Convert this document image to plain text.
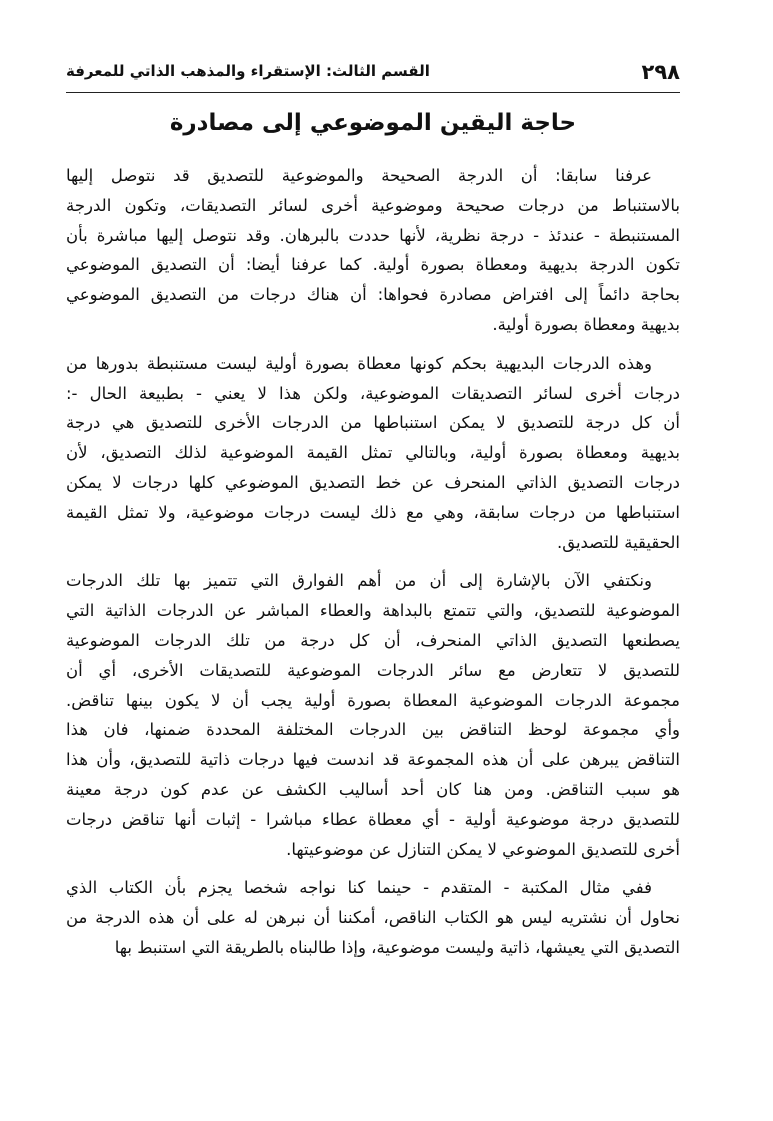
٢٩٨
القسم الثالث: الإستقراء والمذهب الذاتي للمعرفة
حاجة اليقين الموضوعي إلى مصادرة
عرفنا سابقا: أن الدرجة الصحيحة والموضوعية للتصديق قد نتوصل إليها
بالاستنباط من درجات صحيحة وموضوعية أخرى لسائر التصديقات، وتكون الدرجة
المستنبطة - عندئذ - درجة نظرية، لأنها حددت بالبرهان. وقد نتوصل إليها مباشرة بأن
تكون الدرجة بديهية ومعطاة بصورة أولية. كما عرفنا أيضا: أن التصديق الموضوعي
بحاجة دائماً إلى افتراض مصادرة فحواها: أن هناك درجات من التصديق الموضوعي
بديهية ومعطاة بصورة أولية.
وهذه الدرجات البديهية بحكم كونها معطاة بصورة أولية ليست مستنبطة بدورها من
درجات أخرى لسائر التصديقات الموضوعية، ولكن هذا لا يعني - بطبيعة الحال -:
أن كل درجة للتصديق لا يمكن استنباطها من الدرجات الأخرى للتصديق هي درجة
بديهية ومعطاة بصورة أولية، وبالتالي تمثل القيمة الموضوعية لذلك التصديق، لأن
درجات التصديق الذاتي المنحرف عن خط التصديق الموضوعي كلها درجات لا يمكن
استنباطها من درجات سابقة، وهي مع ذلك ليست درجات موضوعية، ولا تمثل القيمة
الحقيقية للتصديق.
ونكتفي الآن بالإشارة إلى أن من أهم الفوارق التي تتميز بها تلك الدرجات
الموضوعية للتصديق، والتي تتمتع بالبداهة والعطاء المباشر عن الدرجات الذاتية التي
يصطنعها التصديق الذاتي المنحرف، أن كل درجة من تلك الدرجات الموضوعية
للتصديق لا تتعارض مع سائر الدرجات الموضوعية للتصديقات الأخرى، أي أن
مجموعة الدرجات الموضوعية المعطاة بصورة أولية يجب أن لا يكون بينها تناقض.
وأي مجموعة لوحظ التناقض بين الدرجات المختلفة المحددة ضمنها، فان هذا
التناقض يبرهن على أن هذه المجموعة قد اندست فيها درجات ذاتية للتصديق، وأن هذا
هو سبب التناقض. ومن هنا كان أحد أساليب الكشف عن عدم كون درجة معينة
للتصديق درجة موضوعية أولية - أي معطاة عطاء مباشرا - إثبات أنها تناقض درجات
أخرى للتصديق الموضوعي لا يمكن التنازل عن موضوعيتها.
ففي مثال المكتبة - المتقدم - حينما كنا نواجه شخصا يجزم بأن الكتاب الذي
نحاول أن نشتريه ليس هو الكتاب الناقص، أمكننا أن نبرهن له على أن هذه الدرجة من
التصديق التي يعيشها، ذاتية وليست موضوعية، وإذا طالبناه بالطريقة التي استنبط بها
